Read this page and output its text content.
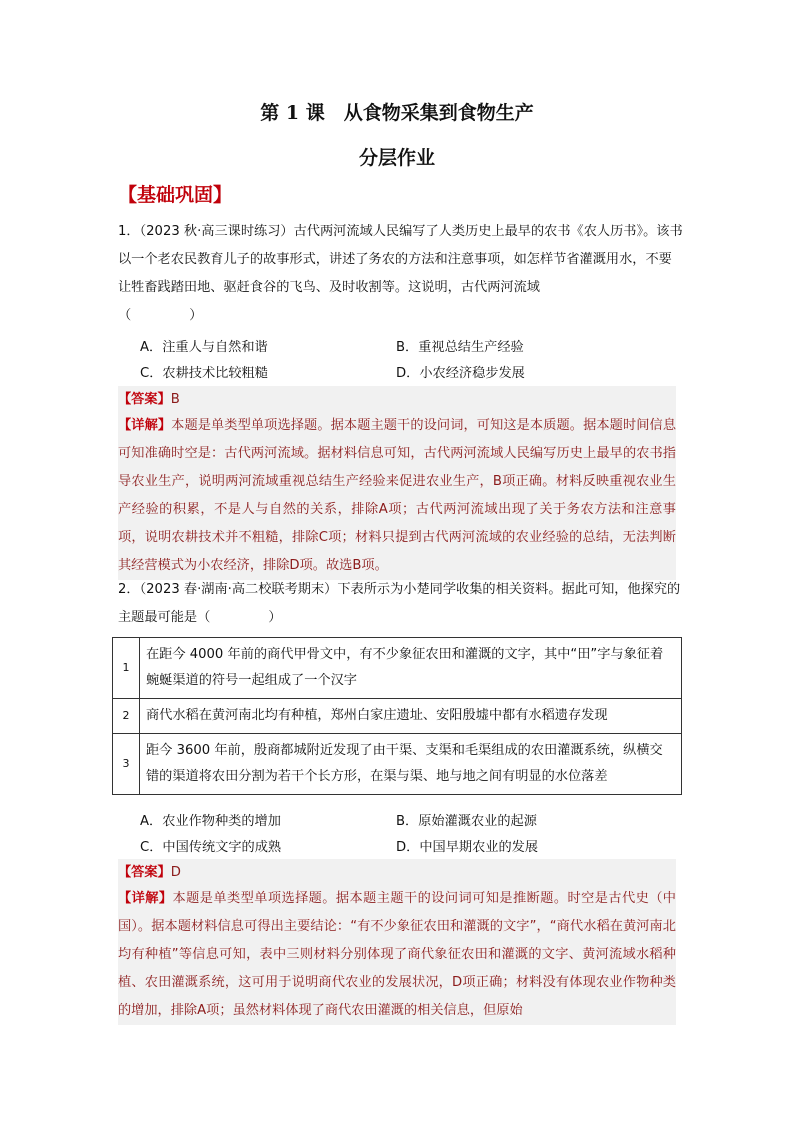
第 1 课　从食物采集到食物生产
分层作业
【基础巩固】
1．（2023 秋·高三课时练习）古代两河流域人民编写了人类历史上最早的农书《农人历书》。该书以一个老农民教育儿子的故事形式，讲述了务农的方法和注意事项，如怎样节省灌溉用水，不要让牲畜践踏田地、驱赶食谷的飞鸟、及时收割等。这说明，古代两河流域
（	）
A．注重人与自然和谐	B．重视总结生产经验
C．农耕技术比较粗糙	D．小农经济稳步发展
【答案】B
【详解】本题是单类型单项选择题。据本题主题干的设问词，可知这是本质题。据本题时间信息可知准确时空是：古代两河流域。据材料信息可知，古代两河流域人民编写历史上最早的农书指导农业生产，说明两河流域重视总结生产经验来促进农业生产，B项正确。材料反映重视农业生产经验的积累，不是人与自然的关系，排除A项；古代两河流域出现了关于务农方法和注意事项，说明农耕技术并不粗糙，排除C项；材料只提到古代两河流域的农业经验的总结，无法判断其经营模式为小农经济，排除D项。故选B项。
2．（2023 春·湖南·高二校联考期末）下表所示为小楚同学收集的相关资料。据此可知，他探究的主题最可能是（	）
1	在距今 4000 年前的商代甲骨文中，有不少象征农田和灌溉的文字，其中“田”字与象征着蜿蜒渠道的符号一起组成了一个汉字
2	商代水稻在黄河南北均有种植，郑州白家庄遗址、安阳殷墟中都有水稻遗存发现
3	距今 3600 年前，殷商都城附近发现了由干渠、支渠和毛渠组成的农田灌溉系统，纵横交错的渠道将农田分割为若干个长方形，在渠与渠、地与地之间有明显的水位落差
A．农业作物种类的增加	B．原始灌溉农业的起源
C．中国传统文字的成熟	D．中国早期农业的发展
【答案】D
【详解】本题是单类型单项选择题。据本题主题干的设问词可知是推断题。时空是古代史（中国）。据本题材料信息可得出主要结论：“有不少象征农田和灌溉的文字”，“商代水稻在黄河南北均有种植”等信息可知，表中三则材料分别体现了商代象征农田和灌溉的文字、黄河流域水稻种植、农田灌溉系统，这可用于说明商代农业的发展状况，D项正确；材料没有体现农业作物种类的增加，排除A项；虽然材料体现了商代农田灌溉的相关信息，但原始
